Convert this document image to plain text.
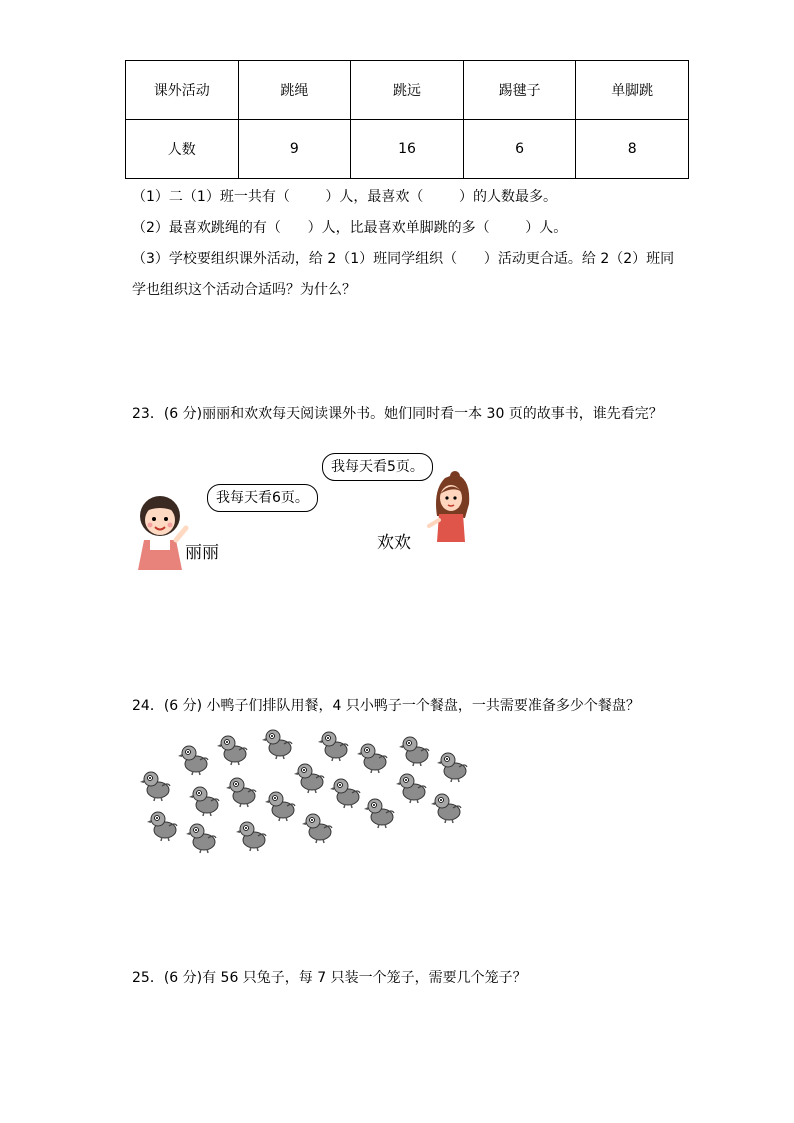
课外活动	跳绳	跳远	踢毽子	单脚跳
人数	9	16	6	8
（1）二（1）班一共有（        ）人，最喜欢（        ）的人数最多。
（2）最喜欢跳绳的有（      ）人，比最喜欢单脚跳的多（        ）人。
（3）学校要组织课外活动，给 2（1）班同学组织（      ）活动更合适。给 2（2）班同
学也组织这个活动合适吗？为什么？
23．(6 分)丽丽和欢欢每天阅读课外书。她们同时看一本 30 页的故事书，谁先看完？
我每天看6页。
我每天看5页。
丽丽	欢欢
24．(6 分) 小鸭子们排队用餐，4 只小鸭子一个餐盘，一共需要准备多少个餐盘？
25．(6 分)有 56 只兔子，每 7 只装一个笼子，需要几个笼子？
